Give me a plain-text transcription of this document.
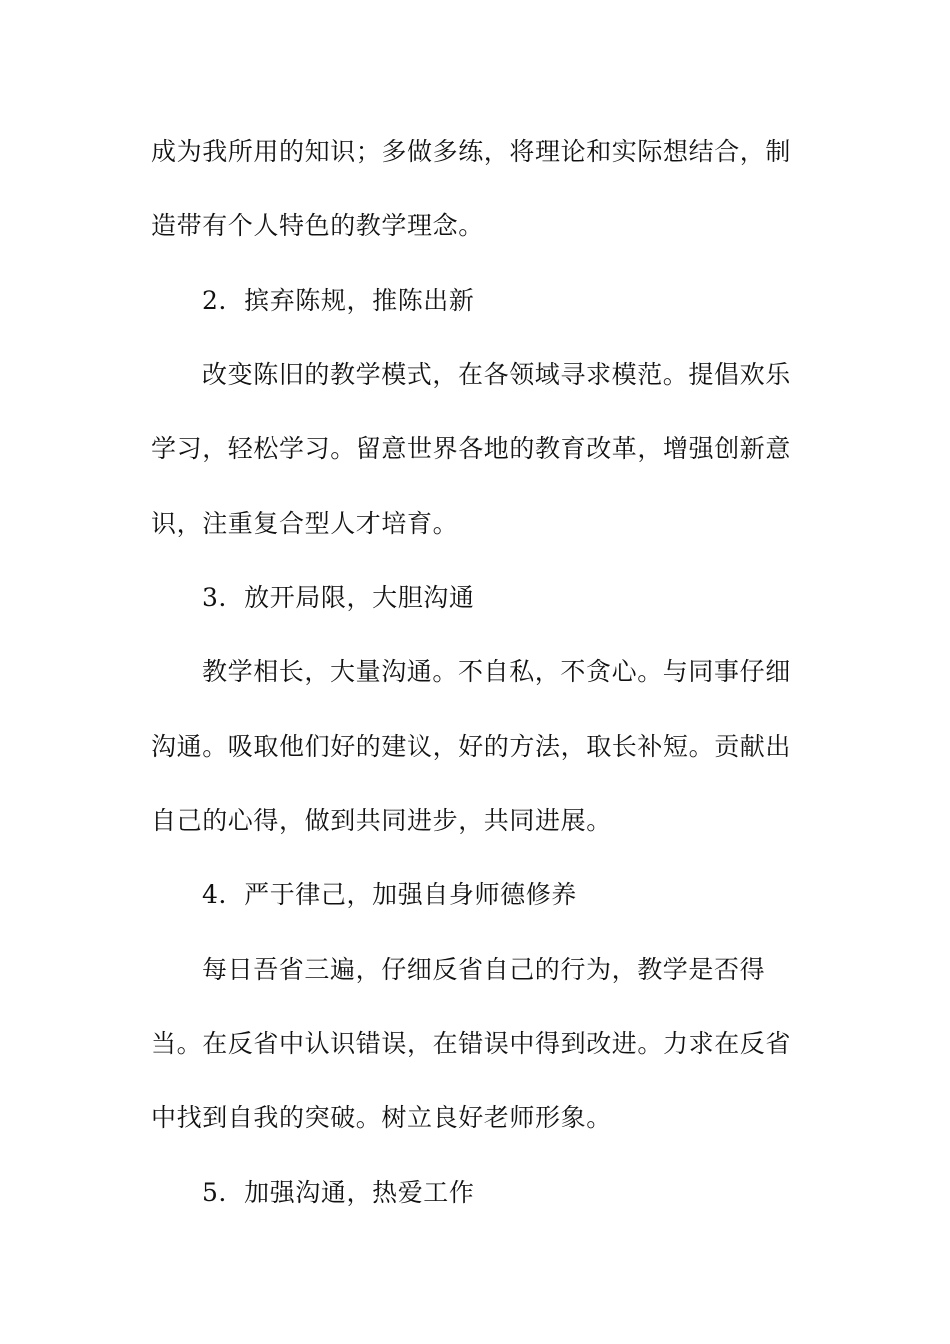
成为我所用的知识；多做多练，将理论和实际想结合，制

造带有个人特色的教学理念。

2．摈弃陈规，推陈出新

改变陈旧的教学模式，在各领域寻求模范。提倡欢乐

学习，轻松学习。留意世界各地的教育改革，增强创新意

识，注重复合型人才培育。

3．放开局限，大胆沟通

教学相长，大量沟通。不自私，不贪心。与同事仔细

沟通。吸取他们好的建议，好的方法，取长补短。贡献出

自己的心得，做到共同进步，共同进展。

4．严于律己，加强自身师德修养

每日吾省三遍，仔细反省自己的行为，教学是否得

当。在反省中认识错误，在错误中得到改进。力求在反省

中找到自我的突破。树立良好老师形象。

5．加强沟通，热爱工作
